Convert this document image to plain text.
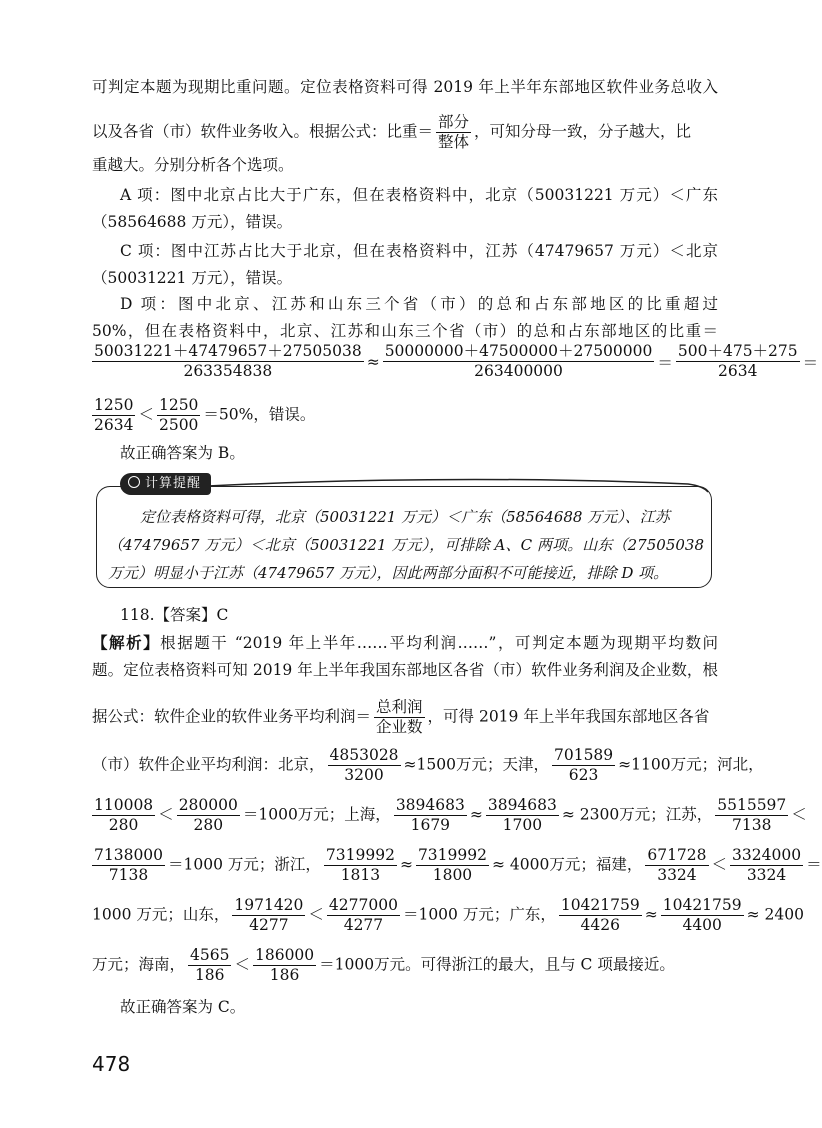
可判定本题为现期比重问题。定位表格资料可得 2019 年上半年东部地区软件业务总收入
以及各省（市）软件业务收入。根据公式：比重＝ $\frac{\text{部分}}{\text{整体}}$ ，可知分母一致，分子越大，比
重越大。分别分析各个选项。
A 项：图中北京占比大于广东，但在表格资料中，北京（50031221 万元）＜广东
（58564688 万元），错误。
C 项：图中江苏占比大于北京，但在表格资料中，江苏（47479657 万元）＜北京
（50031221 万元），错误。
D 项：图中北京、江苏和山东三个省（市）的总和占东部地区的比重超过
50%，但在表格资料中，北京、江苏和山东三个省（市）的总和占东部地区的比重＝
$\frac{50031221+47479657+27505038}{263354838} \approx \frac{50000000+47500000+27500000}{263400000} = \frac{500+475+275}{2634}$ ＝
$\frac{1250}{2634} < \frac{1250}{2500} =50\%$，错误。
故正确答案为 B。
计算提醒
定位表格资料可得，北京（50031221 万元）＜广东（58564688 万元）、江苏
（47479657 万元）＜北京（50031221 万元），可排除 A、C 两项。山东（27505038
万元）明显小于江苏（47479657 万元），因此两部分面积不可能接近，排除 D 项。
118.【答案】C
【解析】根据题干 “2019 年上半年……平均利润……”，可判定本题为现期平均数问
题。定位表格资料可知 2019 年上半年我国东部地区各省（市）软件业务利润及企业数，根
据公式：软件企业的软件业务平均利润＝ $\frac{\text{总利润}}{\text{企业数}}$ ，可得 2019 年上半年我国东部地区各省
（市）软件企业平均利润：北京， $\frac{4853028}{3200} \approx 1500$万元；天津， $\frac{701589}{623} \approx 1100$万元；河北，
$\frac{110008}{280} < \frac{280000}{280} =1000$万元；上海， $\frac{3894683}{1679} \approx \frac{3894683}{1700} \approx 2300$万元；江苏， $\frac{5515597}{7138}$ ＜
$\frac{7138000}{7138} =1000$ 万元；浙江， $\frac{7319992}{1813} \approx \frac{7319992}{1800} \approx 4000$万元；福建， $\frac{671728}{3324} < \frac{3324000}{3324}$ ＝
1000 万元；山东， $\frac{1971420}{4277} < \frac{4277000}{4277} =1000$ 万元；广东， $\frac{10421759}{4426} \approx \frac{10421759}{4400} \approx 2400$
万元；海南， $\frac{4565}{186} < \frac{186000}{186} =1000$万元。可得浙江的最大，且与 C 项最接近。
故正确答案为 C。
478
